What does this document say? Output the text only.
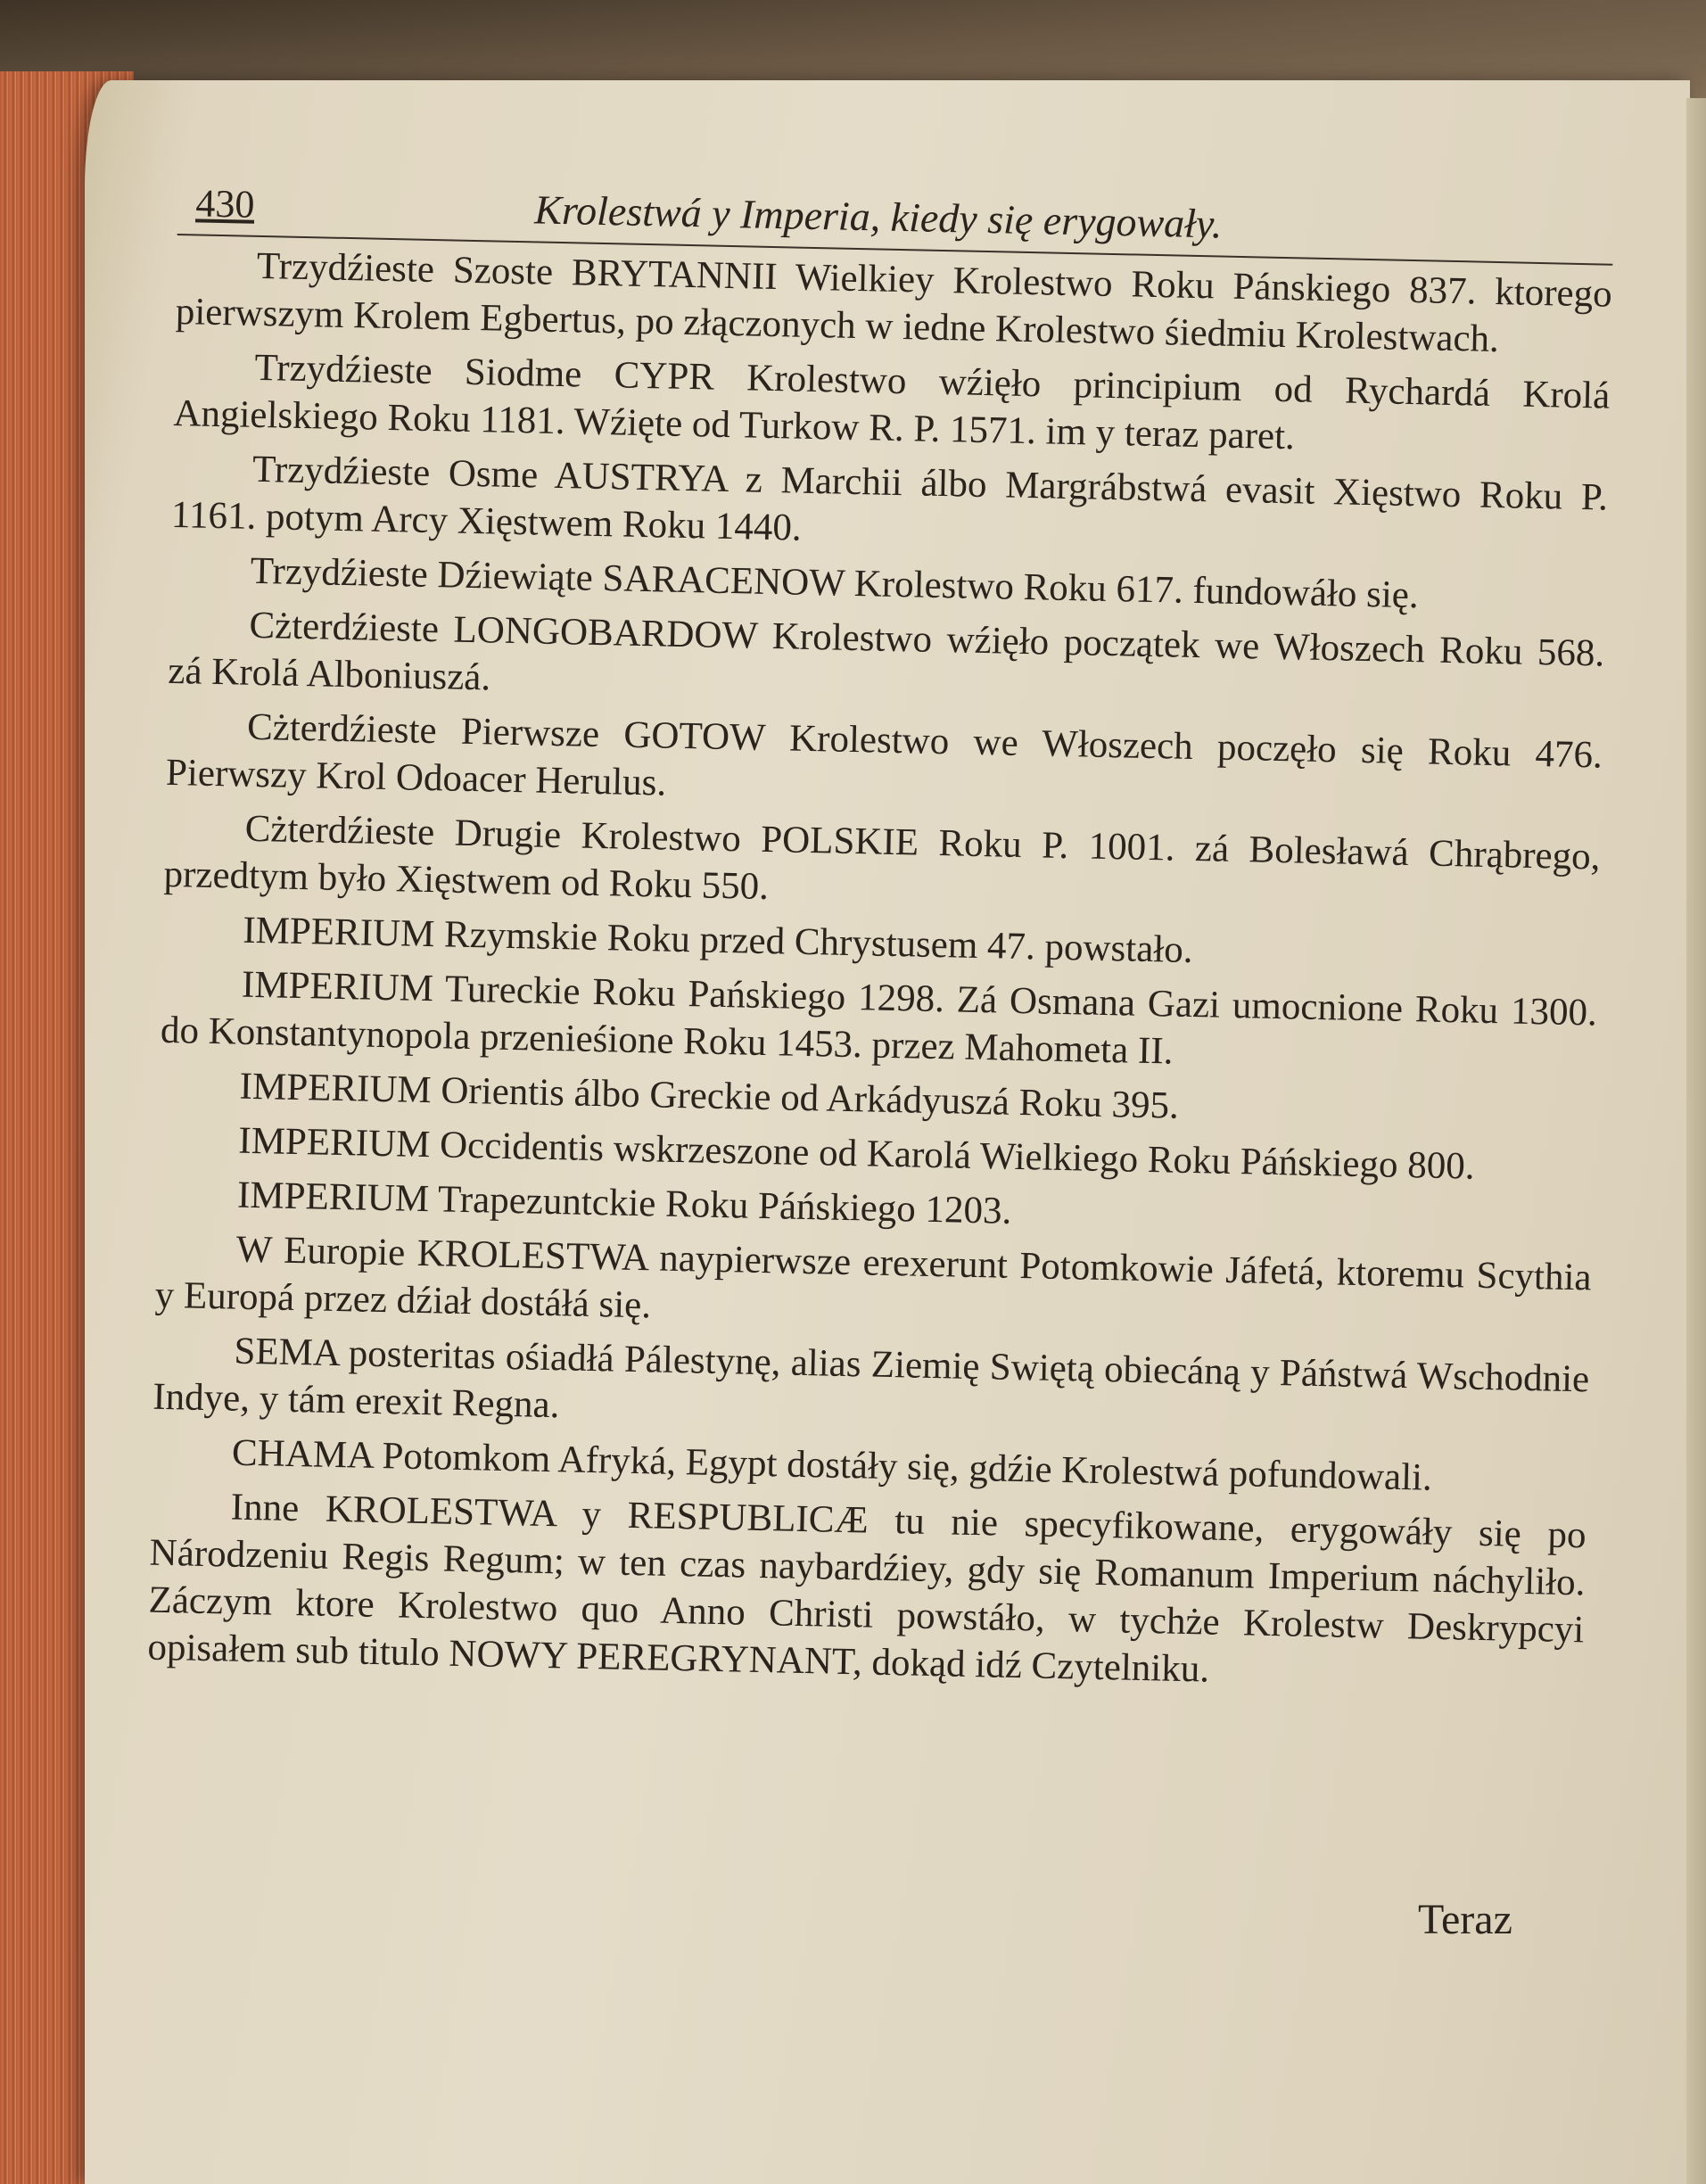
430	Krolestwá y Imperia, kiedy się erygowały.

Trzydźieste Szoste BRYTANNII Wielkiey Krolestwo Roku Pánskiego 837. ktorego pierwszym Krolem Egbertus, po złączonych w iedne Krolestwo śiedmiu Krolestwach.

Trzydźieste Siodme CYPR Krolestwo wźięło principium od Rychardá Krolá Angielskiego Roku 1181. Wźięte od Turkow R. P. 1571. im y teraz paret.

Trzydźieste Osme AUSTRYA z Marchii álbo Margrábstwá evasit Xięstwo Roku P. 1161. potym Arcy Xięstwem Roku 1440.

Trzydźieste Dźiewiąte SARACENOW Krolestwo Roku 617. fundowáło się.

Cżterdźieste LONGOBARDOW Krolestwo wźięło początek we Włoszech Roku 568. zá Krolá Alboniuszá.

Cżterdźieste Pierwsze GOTOW Krolestwo we Włoszech poczęło się Roku 476. Pierwszy Krol Odoacer Herulus.

Cżterdźieste Drugie Krolestwo POLSKIE Roku P. 1001. zá Bolesławá Chrąbrego, przedtym było Xięstwem od Roku 550.

IMPERIUM Rzymskie Roku przed Chrystusem 47. powstało.

IMPERIUM Tureckie Roku Pańskiego 1298. Zá Osmana Gazi umocnione Roku 1300. do Konstantynopola przenieśione Roku 1453. przez Mahometa II.

IMPERIUM Orientis álbo Greckie od Arkádyuszá Roku 395.

IMPERIUM Occidentis wskrzeszone od Karolá Wielkiego Roku Páńskiego 800.

IMPERIUM Trapezuntckie Roku Páńskiego 1203.

W Europie KROLESTWA naypierwsze erexerunt Potomkowie Jáfetá, ktoremu Scythia y Europá przez dźiał dostáłá się.

SEMA posteritas ośiadłá Pálestynę, alias Ziemię Swiętą obiecáną y Páństwá Wschodnie Indye, y tám erexit Regna.

CHAMA Potomkom Afryká, Egypt dostáły się, gdźie Krolestwá pofundowali.

Inne KROLESTWA y RESPUBLICÆ tu nie specyfikowane, erygowáły się po Národzeniu Regis Regum; w ten czas naybardźiey, gdy się Romanum Imperium náchyliło. Záczym ktore Krolestwo quo Anno Christi powstáło, w tychże Krolestw Deskrypcyi opisałem sub titulo NOWY PEREGRYNANT, dokąd idź Czytelniku.

Teraz
